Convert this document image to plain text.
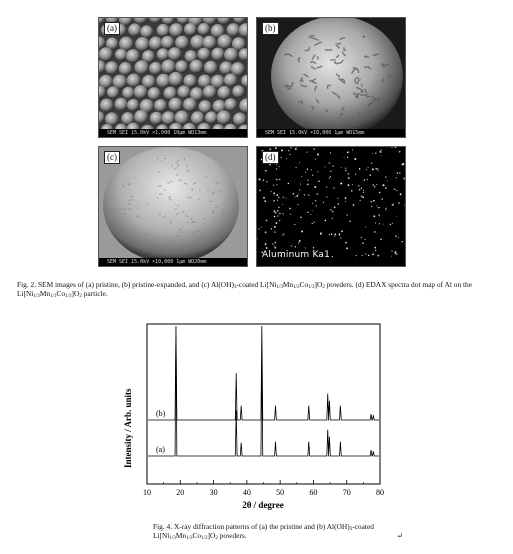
(a)
SEM SEI 15.0kV ×1,000 10μm WD13mm
(b)
SEM SEI 15.0kV ×10,000 1μm WD15mm
(c)
SEM SEI 15.0kV ×10,000 1μm WD20mm
(d)
Aluminum Ka1
Fig. 2. SEM images of (a) pristine, (b) pristine-expanded, and (c) $Al(OH)_3$-coated $Li[Ni_{1/3}Mn_{1/3}Co_{1/3}]O_2$ powders. (d) EDAX spectra dot map of Al on the
$Li[Ni_{1/3}Mn_{1/3}Co_{1/3}]O_2$ particle.
10	20	30	40	50	60	70	80
(a)
(b)
Intensity / Arb. units
2θ / degree
Fig. 4. X-ray diffraction patterns of (a) the pristine and (b) $Al(OH)_3$-coated
$Li[Ni_{1/3}Mn_{1/3}Co_{1/3}]O_2$ powders.	↵
